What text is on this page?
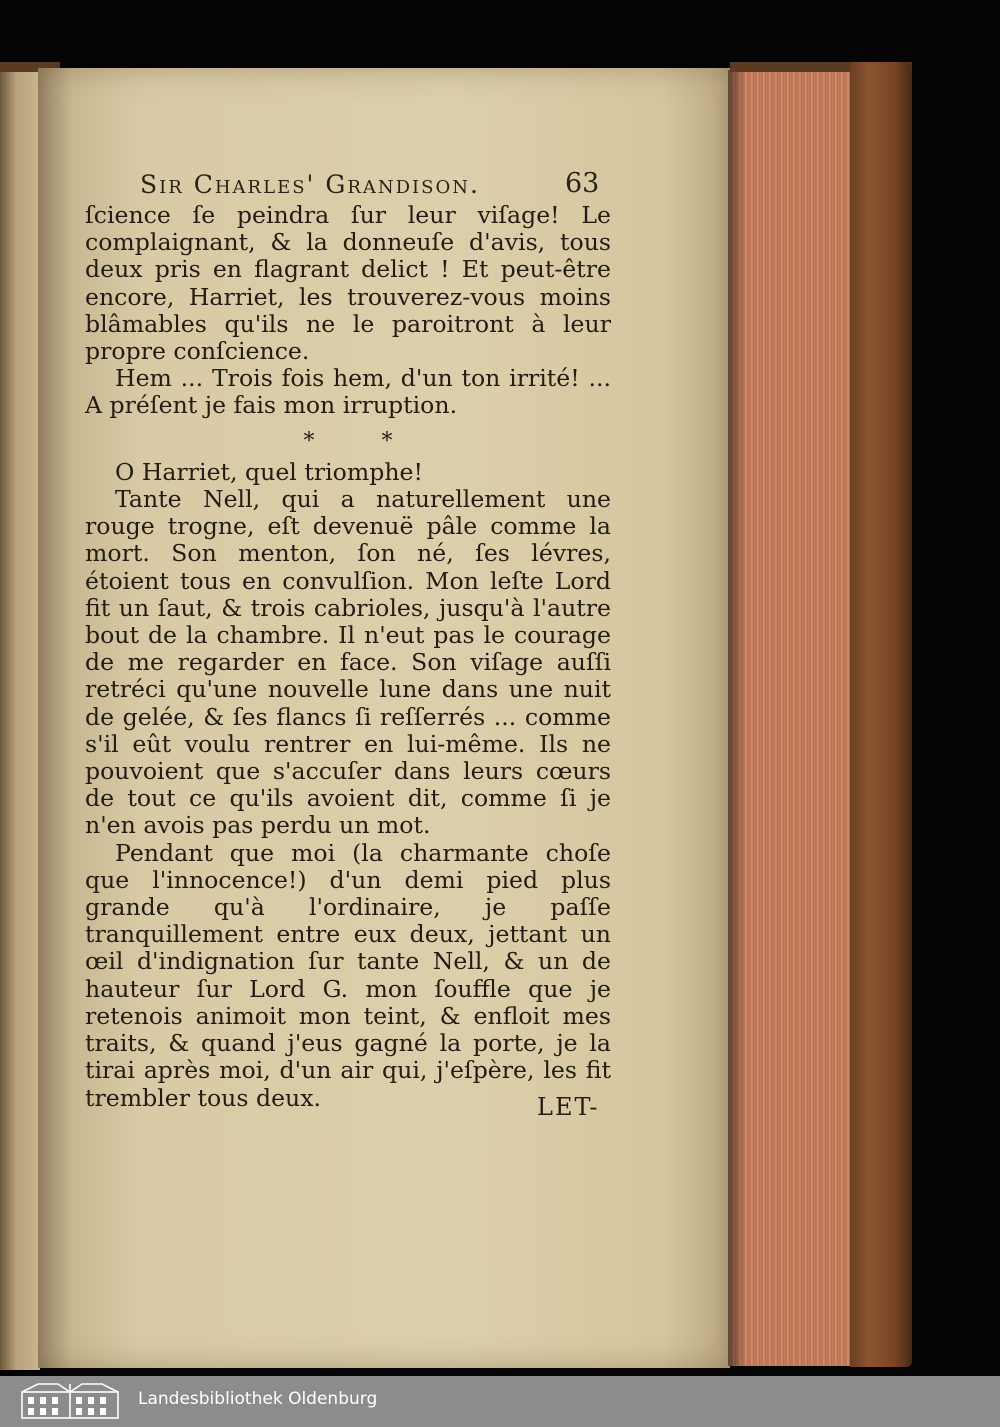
Sir Charles' Grandison.	63

ſcience ſe peindra ſur leur viſage! Le complaignant, & la donneuſe d'avis, tous deux pris en flagrant delict ! Et peut-être encore, Harriet, les trouverez-vous moins blâmables qu'ils ne le paroitront à leur propre conſcience.

Hem ... Trois fois hem, d'un ton irrité! ... A préſent je fais mon irruption.

* *

O Harriet, quel triomphe!

Tante Nell, qui a naturellement une rouge trogne, eſt devenuë pâle comme la mort. Son menton, ſon né, ſes lévres, étoient tous en convulſion. Mon leſte Lord fit un ſaut, & trois cabrioles, jusqu'à l'autre bout de la chambre. Il n'eut pas le courage de me regarder en face. Son viſage auſſi retréci qu'une nouvelle lune dans une nuit de gelée, & ſes flancs ſi reſſerrés ... comme s'il eût voulu rentrer en lui-même. Ils ne pouvoient que s'accuſer dans leurs cœurs de tout ce qu'ils avoient dit, comme ſi je n'en avois pas perdu un mot.

Pendant que moi (la charmante choſe que l'innocence!) d'un demi pied plus grande qu'à l'ordinaire, je paſſe tranquillement entre eux deux, jettant un œil d'indignation ſur tante Nell, & un de hauteur ſur Lord G. mon ſouffle que je retenois animoit mon teint, & enfloit mes traits, & quand j'eus gagné la porte, je la tirai après moi, d'un air qui, j'eſpère, les fit trembler tous deux.	LET-
Landesbibliothek Oldenburg
